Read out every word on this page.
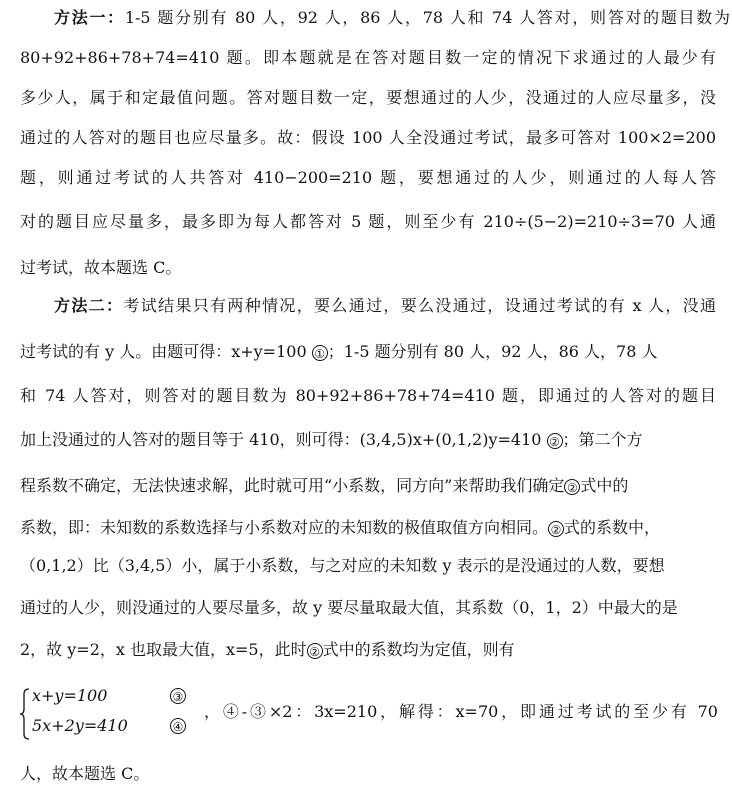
方法一：1-5 题分别有 80 人，92 人，86 人，78 人和 74 人答对，则答对的题目数为
80+92+86+78+74=410 题。即本题就是在答对题目数一定的情况下求通过的人最少有
多少人，属于和定最值问题。答对题目数一定，要想通过的人少，没通过的人应尽量多，没
通过的人答对的题目也应尽量多。故：假设 100 人全没通过考试，最多可答对 100×2=200
题，则通过考试的人共答对 410−200=210 题，要想通过的人少，则通过的人每人答
对的题目应尽量多，最多即为每人都答对 5 题，则至少有 210÷(5−2)=210÷3=70 人通
过考试，故本题选 C。
方法二：考试结果只有两种情况，要么通过，要么没通过，设通过考试的有 x 人，没通
过考试的有 y 人。由题可得：x+y=100 ① ；1-5 题分别有 80 人，92 人，86 人，78 人
和 74 人答对，则答对的题目数为 80+92+86+78+74=410 题，即通过的人答对的题目
加上没通过的人答对的题目等于 410，则可得：(3,4,5)x+(0,1,2)y=410 ② ；第二个方
程系数不确定，无法快速求解，此时就可用“小系数，同方向”来帮助我们确定 ② 式中的
系数，即：未知数的系数选择与小系数对应的未知数的极值取值方向相同。 ② 式的系数中，
（0,1,2）比（3,4,5）小，属于小系数，与之对应的未知数 y 表示的是没通过的人数，要想
通过的人少，则没通过的人要尽量多，故 y 要尽量取最大值，其系数（0，1，2）中最大的是
2，故 y=2，x 也取最大值，x=5，此时 ② 式中的系数均为定值，则有
x+y=100
5x+2y=410
③
④
，④-③×2：3x=210，解得：x=70，即通过考试的至少有 70
人，故本题选 C。
